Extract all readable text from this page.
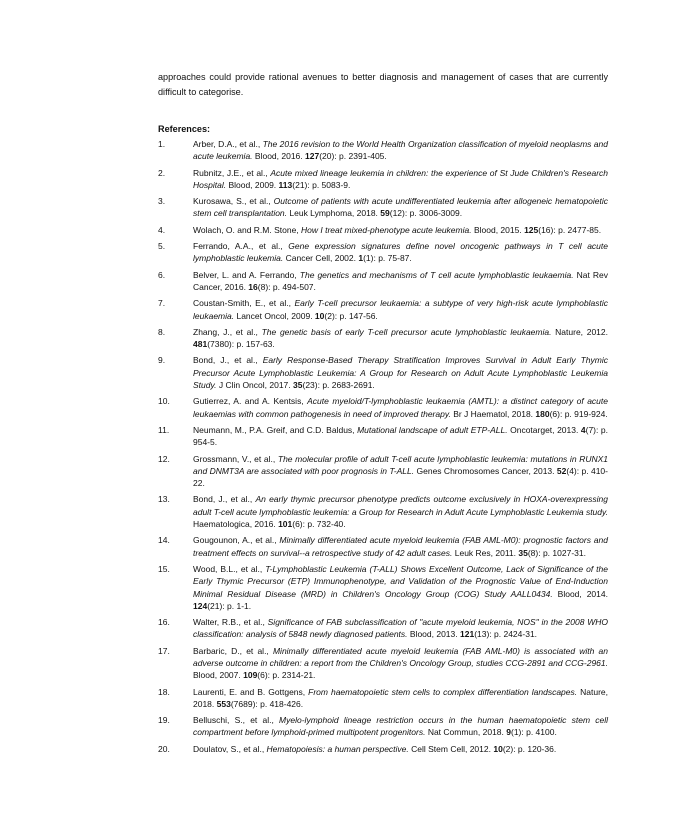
approaches could provide rational avenues to better diagnosis and management of cases that are currently difficult to categorise.
References:
1.	Arber, D.A., et al., The 2016 revision to the World Health Organization classification of myeloid neoplasms and acute leukemia. Blood, 2016. 127(20): p. 2391-405.
2.	Rubnitz, J.E., et al., Acute mixed lineage leukemia in children: the experience of St Jude Children's Research Hospital. Blood, 2009. 113(21): p. 5083-9.
3.	Kurosawa, S., et al., Outcome of patients with acute undifferentiated leukemia after allogeneic hematopoietic stem cell transplantation. Leuk Lymphoma, 2018. 59(12): p. 3006-3009.
4.	Wolach, O. and R.M. Stone, How I treat mixed-phenotype acute leukemia. Blood, 2015. 125(16): p. 2477-85.
5.	Ferrando, A.A., et al., Gene expression signatures define novel oncogenic pathways in T cell acute lymphoblastic leukemia. Cancer Cell, 2002. 1(1): p. 75-87.
6.	Belver, L. and A. Ferrando, The genetics and mechanisms of T cell acute lymphoblastic leukaemia. Nat Rev Cancer, 2016. 16(8): p. 494-507.
7.	Coustan-Smith, E., et al., Early T-cell precursor leukaemia: a subtype of very high-risk acute lymphoblastic leukaemia. Lancet Oncol, 2009. 10(2): p. 147-56.
8.	Zhang, J., et al., The genetic basis of early T-cell precursor acute lymphoblastic leukaemia. Nature, 2012. 481(7380): p. 157-63.
9.	Bond, J., et al., Early Response-Based Therapy Stratification Improves Survival in Adult Early Thymic Precursor Acute Lymphoblastic Leukemia: A Group for Research on Adult Acute Lymphoblastic Leukemia Study. J Clin Oncol, 2017. 35(23): p. 2683-2691.
10.	Gutierrez, A. and A. Kentsis, Acute myeloid/T-lymphoblastic leukaemia (AMTL): a distinct category of acute leukaemias with common pathogenesis in need of improved therapy. Br J Haematol, 2018. 180(6): p. 919-924.
11.	Neumann, M., P.A. Greif, and C.D. Baldus, Mutational landscape of adult ETP-ALL. Oncotarget, 2013. 4(7): p. 954-5.
12.	Grossmann, V., et al., The molecular profile of adult T-cell acute lymphoblastic leukemia: mutations in RUNX1 and DNMT3A are associated with poor prognosis in T-ALL. Genes Chromosomes Cancer, 2013. 52(4): p. 410-22.
13.	Bond, J., et al., An early thymic precursor phenotype predicts outcome exclusively in HOXA-overexpressing adult T-cell acute lymphoblastic leukemia: a Group for Research in Adult Acute Lymphoblastic Leukemia study. Haematologica, 2016. 101(6): p. 732-40.
14.	Gougounon, A., et al., Minimally differentiated acute myeloid leukemia (FAB AML-M0): prognostic factors and treatment effects on survival--a retrospective study of 42 adult cases. Leuk Res, 2011. 35(8): p. 1027-31.
15.	Wood, B.L., et al., T-Lymphoblastic Leukemia (T-ALL) Shows Excellent Outcome, Lack of Significance of the Early Thymic Precursor (ETP) Immunophenotype, and Validation of the Prognostic Value of End-Induction Minimal Residual Disease (MRD) in Children's Oncology Group (COG) Study AALL0434. Blood, 2014. 124(21): p. 1-1.
16.	Walter, R.B., et al., Significance of FAB subclassification of "acute myeloid leukemia, NOS" in the 2008 WHO classification: analysis of 5848 newly diagnosed patients. Blood, 2013. 121(13): p. 2424-31.
17.	Barbaric, D., et al., Minimally differentiated acute myeloid leukemia (FAB AML-M0) is associated with an adverse outcome in children: a report from the Children's Oncology Group, studies CCG-2891 and CCG-2961. Blood, 2007. 109(6): p. 2314-21.
18.	Laurenti, E. and B. Gottgens, From haematopoietic stem cells to complex differentiation landscapes. Nature, 2018. 553(7689): p. 418-426.
19.	Belluschi, S., et al., Myelo-lymphoid lineage restriction occurs in the human haematopoietic stem cell compartment before lymphoid-primed multipotent progenitors. Nat Commun, 2018. 9(1): p. 4100.
20.	Doulatov, S., et al., Hematopoiesis: a human perspective. Cell Stem Cell, 2012. 10(2): p. 120-36.
